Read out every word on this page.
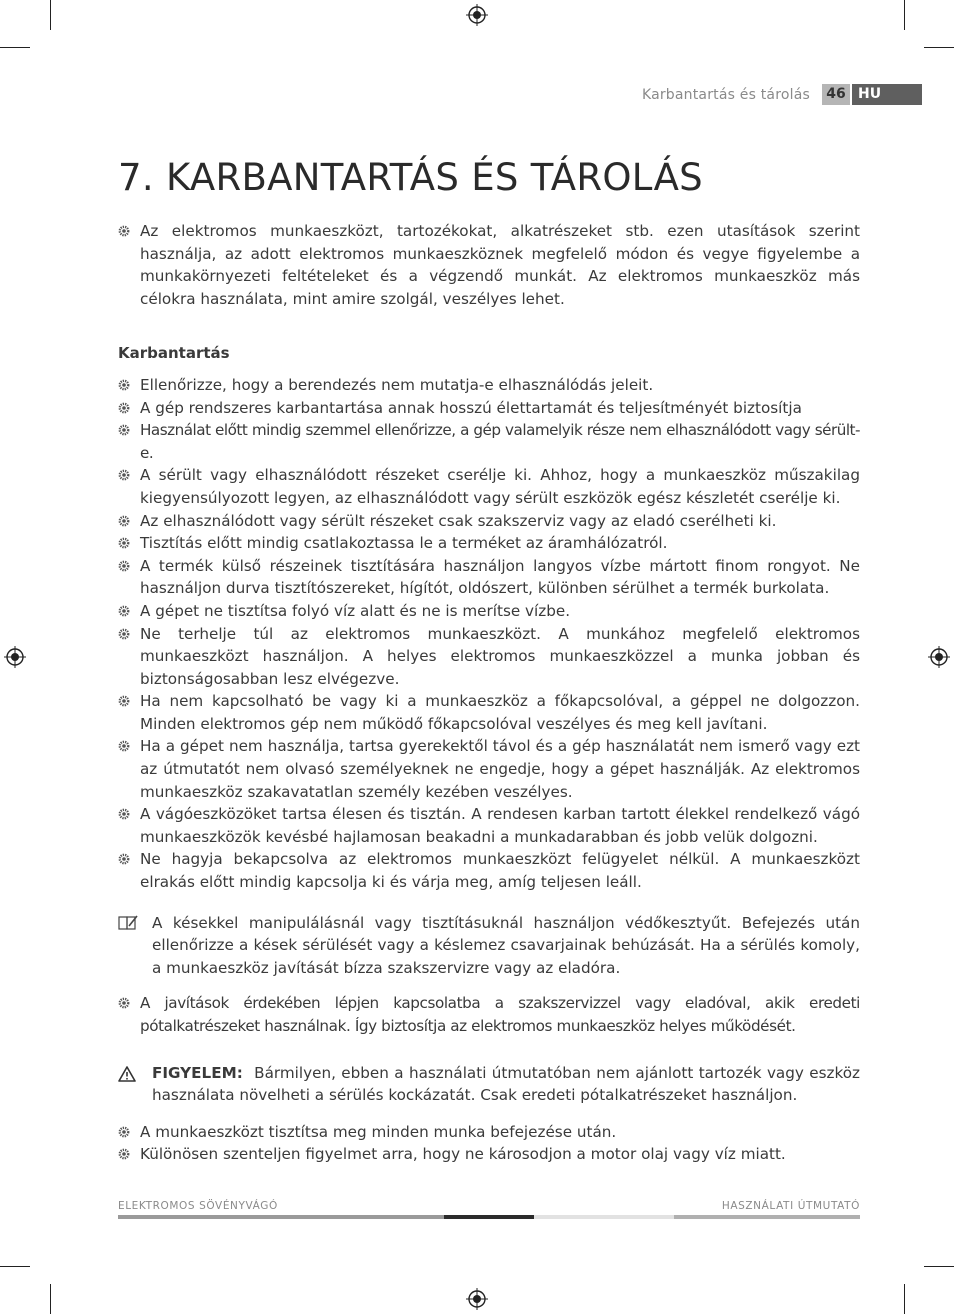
Karbantartás és tárolás	46 HU
7. KARBANTARTÁS ÉS TÁROLÁS
Az elektromos munkaeszközt, tartozékokat, alkatrészeket stb. ezen utasítások szerint használja, az adott elektromos munkaeszköznek megfelelő módon és vegye figyelembe a munkakörnyezeti feltételeket és a végzendő munkát. Az elektromos munkaeszköz más célokra használata, mint amire szolgál, veszélyes lehet.

Karbantartás

Ellenőrizze, hogy a berendezés nem mutatja-e elhasználódás jeleit.
A gép rendszeres karbantartása annak hosszú élettartamát és teljesítményét biztosítja
Használat előtt mindig szemmel ellenőrizze, a gép valamelyik része nem elhasználódott vagy sérült-e.
A sérült vagy elhasználódott részeket cserélje ki. Ahhoz, hogy a munkaeszköz műszakilag kiegyensúlyozott legyen, az elhasználódott vagy sérült eszközök egész készletét cserélje ki.
Az elhasználódott vagy sérült részeket csak szakszerviz vagy az eladó cserélheti ki.
Tisztítás előtt mindig csatlakoztassa le a terméket az áramhálózatról.
A termék külső részeinek tisztítására használjon langyos vízbe mártott finom rongyot. Ne használjon durva tisztítószereket, hígítót, oldószert, különben sérülhet a termék burkolata.
A gépet ne tisztítsa folyó víz alatt és ne is merítse vízbe.
Ne terhelje túl az elektromos munkaeszközt. A munkához megfelelő elektromos munkaeszközt használjon. A helyes elektromos munkaeszközzel a munka jobban és biztonságosabban lesz elvégezve.
Ha nem kapcsolható be vagy ki a munkaeszköz a főkapcsolóval, a géppel ne dolgozzon. Minden elektromos gép nem működő főkapcsolóval veszélyes és meg kell javítani.
Ha a gépet nem használja, tartsa gyerekektől távol és a gép használatát nem ismerő vagy ezt az útmutatót nem olvasó személyeknek ne engedje, hogy a gépet használják. Az elektromos munkaeszköz szakavatatlan személy kezében veszélyes.
A vágóeszközöket tartsa élesen és tisztán. A rendesen karban tartott élekkel rendelkező vágó munkaeszközök kevésbé hajlamosan beakadni a munkadarabban és jobb velük dolgozni.
Ne hagyja bekapcsolva az elektromos munkaeszközt felügyelet nélkül. A munkaeszközt elrakás előtt mindig kapcsolja ki és várja meg, amíg teljesen leáll.
A késekkel manipulálásnál vagy tisztításuknál használjon védőkesztyűt. Befejezés után ellenőrizze a kések sérülését vagy a késlemez csavarjainak behúzását. Ha a sérülés komoly, a munkaeszköz javítását bízza szakszervizre vagy az eladóra.
A javítások érdekében lépjen kapcsolatba a szakszervizzel vagy eladóval, akik eredeti pótalkatrészeket használnak. Így biztosítja az elektromos munkaeszköz helyes működését.
FIGYELEM: Bármilyen, ebben a használati útmutatóban nem ajánlott tartozék vagy eszköz használata növelheti a sérülés kockázatát. Csak eredeti pótalkatrészeket használjon.
A munkaeszközt tisztítsa meg minden munka befejezése után.
Különösen szenteljen figyelmet arra, hogy ne károsodjon a motor olaj vagy víz miatt.
ELEKTROMOS SÖVÉNYVÁGÓ	HASZNÁLATI ÚTMUTATÓ
